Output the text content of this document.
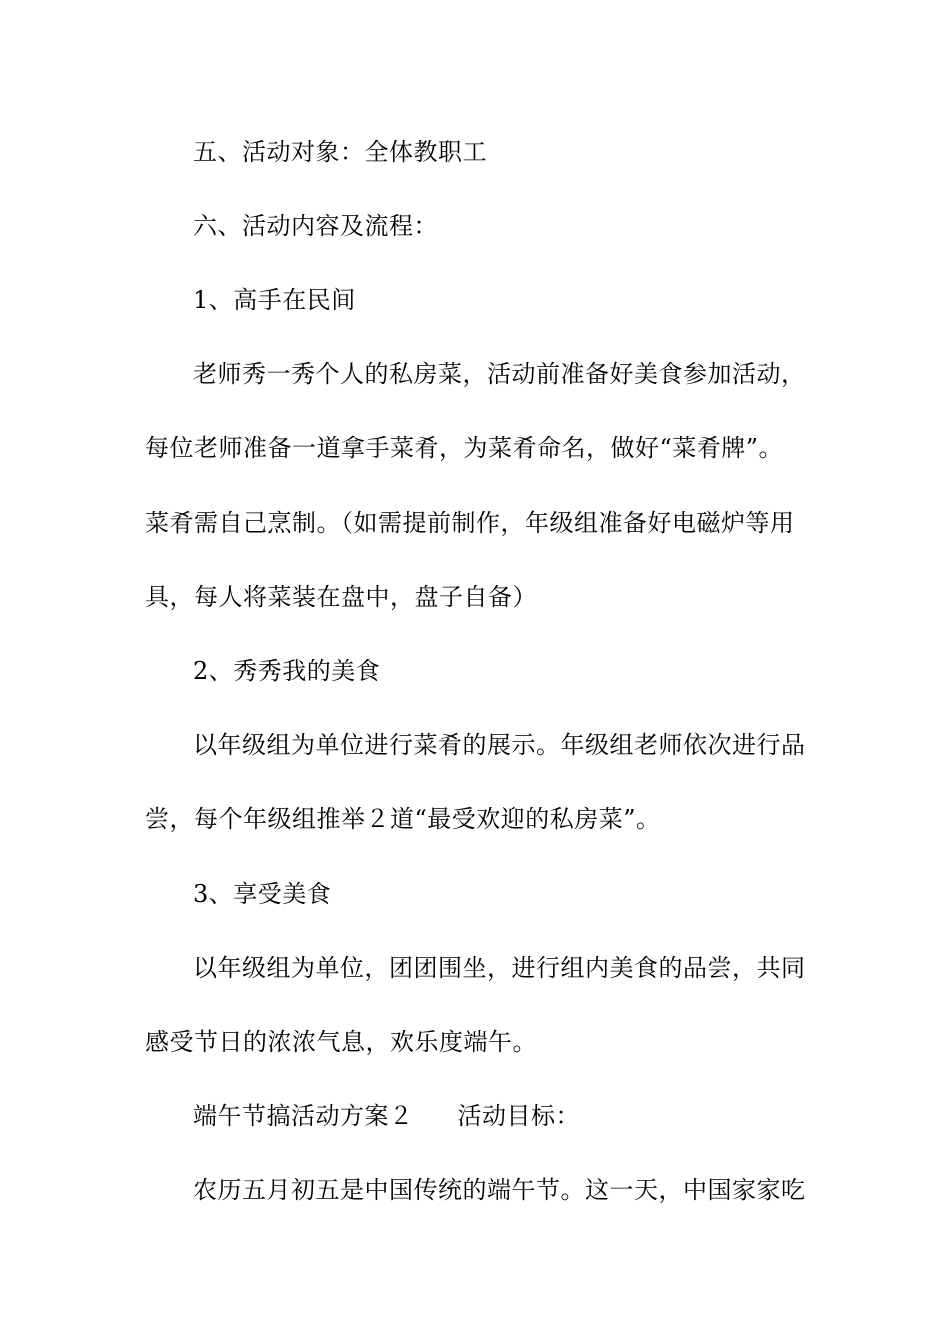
五、活动对象：全体教职工
六、活动内容及流程：
1、高手在民间
老师秀一秀个人的私房菜，活动前准备好美食参加活动，
每位老师准备一道拿手菜肴，为菜肴命名，做好“菜肴牌”。
菜肴需自己烹制。（如需提前制作，年级组准备好电磁炉等用
具，每人将菜装在盘中，盘子自备）
2、秀秀我的美食
以年级组为单位进行菜肴的展示。年级组老师依次进行品
尝，每个年级组推举２道“最受欢迎的私房菜”。
3、享受美食
以年级组为单位，团团围坐，进行组内美食的品尝，共同
感受节日的浓浓气息，欢乐度端午。
端午节搞活动方案２ 活动目标：
农历五月初五是中国传统的端午节。这一天，中国家家吃
